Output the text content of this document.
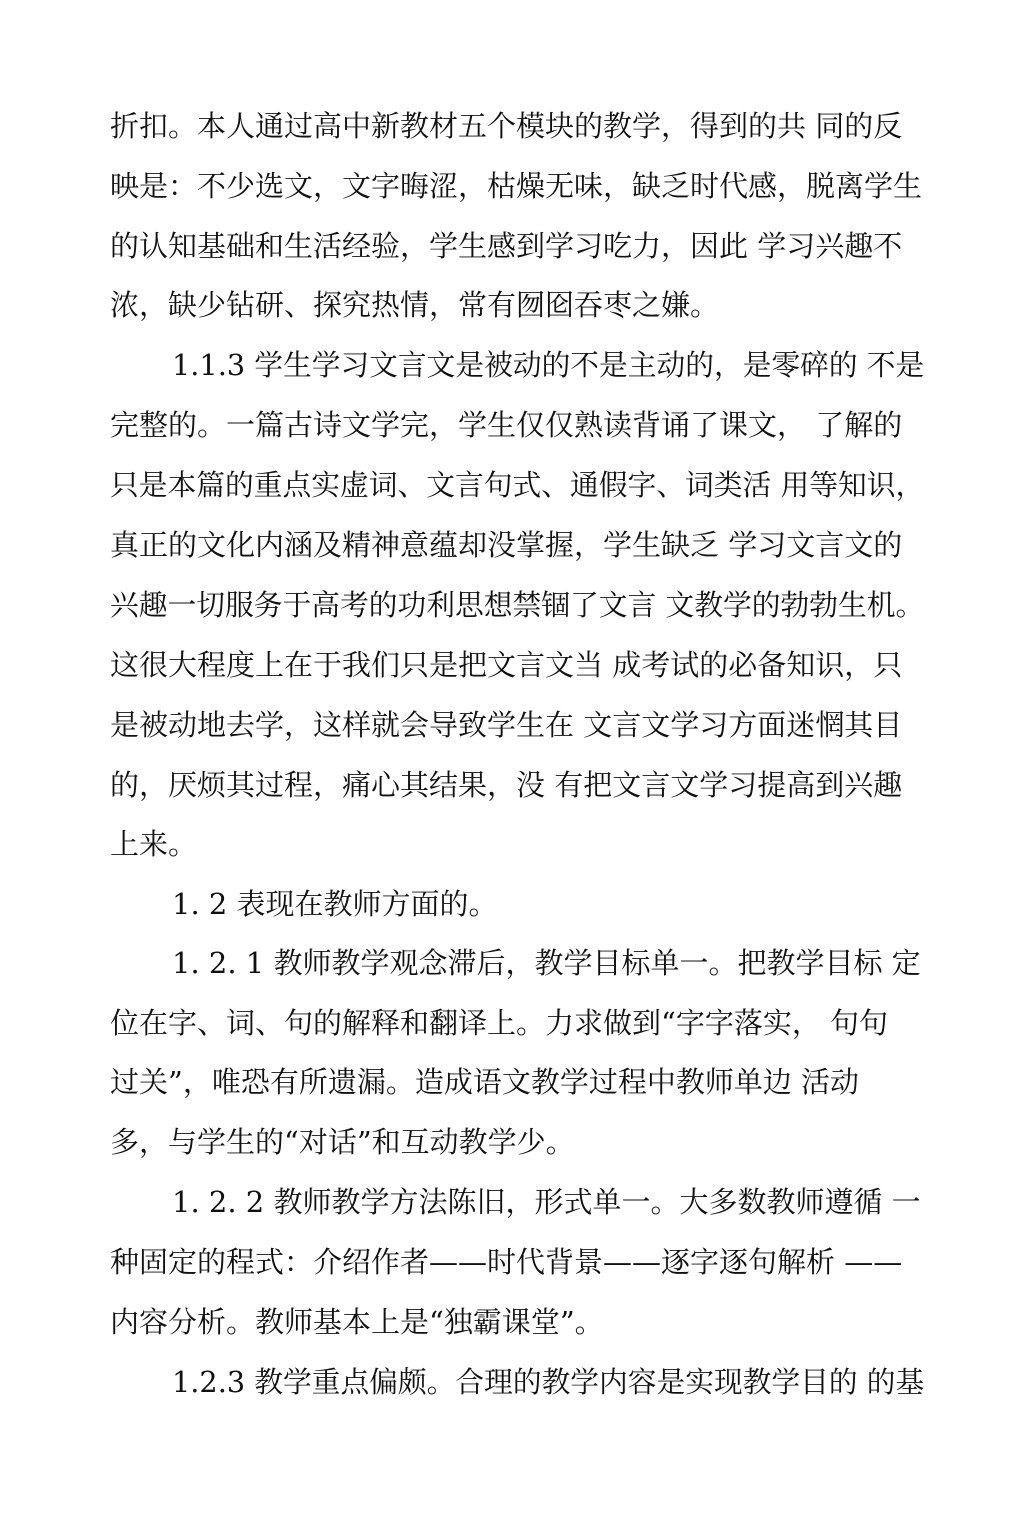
折扣。本人通过高中新教材五个模块的教学，得到的共 同的反
映是：不少选文，文字晦涩，枯燥无味，缺乏时代感，脱离学生
的认知基础和生活经验，学生感到学习吃力，因此 学习兴趣不
浓，缺少钻研、探究热情，常有囫囵吞枣之嫌。
1.1.3 学生学习文言文是被动的不是主动的，是零碎的 不是
完整的。一篇古诗文学完，学生仅仅熟读背诵了课文， 了解的
只是本篇的重点实虚词、文言句式、通假字、词类活 用等知识，
真正的文化内涵及精神意蕴却没掌握，学生缺乏 学习文言文的
兴趣一切服务于高考的功利思想禁锢了文言 文教学的勃勃生机。
这很大程度上在于我们只是把文言文当 成考试的必备知识，只
是被动地去学，这样就会导致学生在 文言文学习方面迷惘其目
的，厌烦其过程，痛心其结果，没 有把文言文学习提高到兴趣
上来。
1. 2 表现在教师方面的。
1. 2. 1 教师教学观念滞后，教学目标单一。把教学目标 定
位在字、词、句的解释和翻译上。力求做到“字字落实， 句句
过关”，唯恐有所遗漏。造成语文教学过程中教师单边 活动
多，与学生的“对话”和互动教学少。
1. 2. 2 教师教学方法陈旧，形式单一。大多数教师遵循 一
种固定的程式：介绍作者——时代背景——逐字逐句解析 ——
内容分析。教师基本上是“独霸课堂”。
1.2.3 教学重点偏颇。合理的教学内容是实现教学目的 的基
